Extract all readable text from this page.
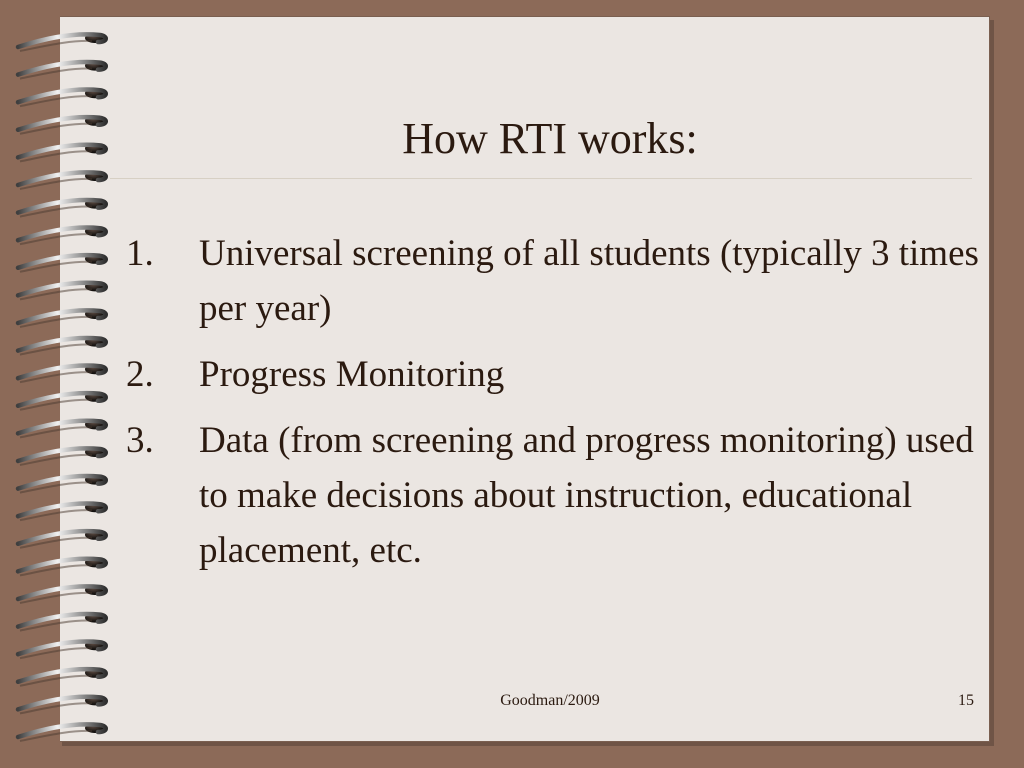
How RTI works:
1.	Universal screening of all students (typically 3 times per year)
2.	Progress Monitoring
3.	Data (from screening and progress monitoring) used to make decisions about instruction, educational placement, etc.
Goodman/2009	15
